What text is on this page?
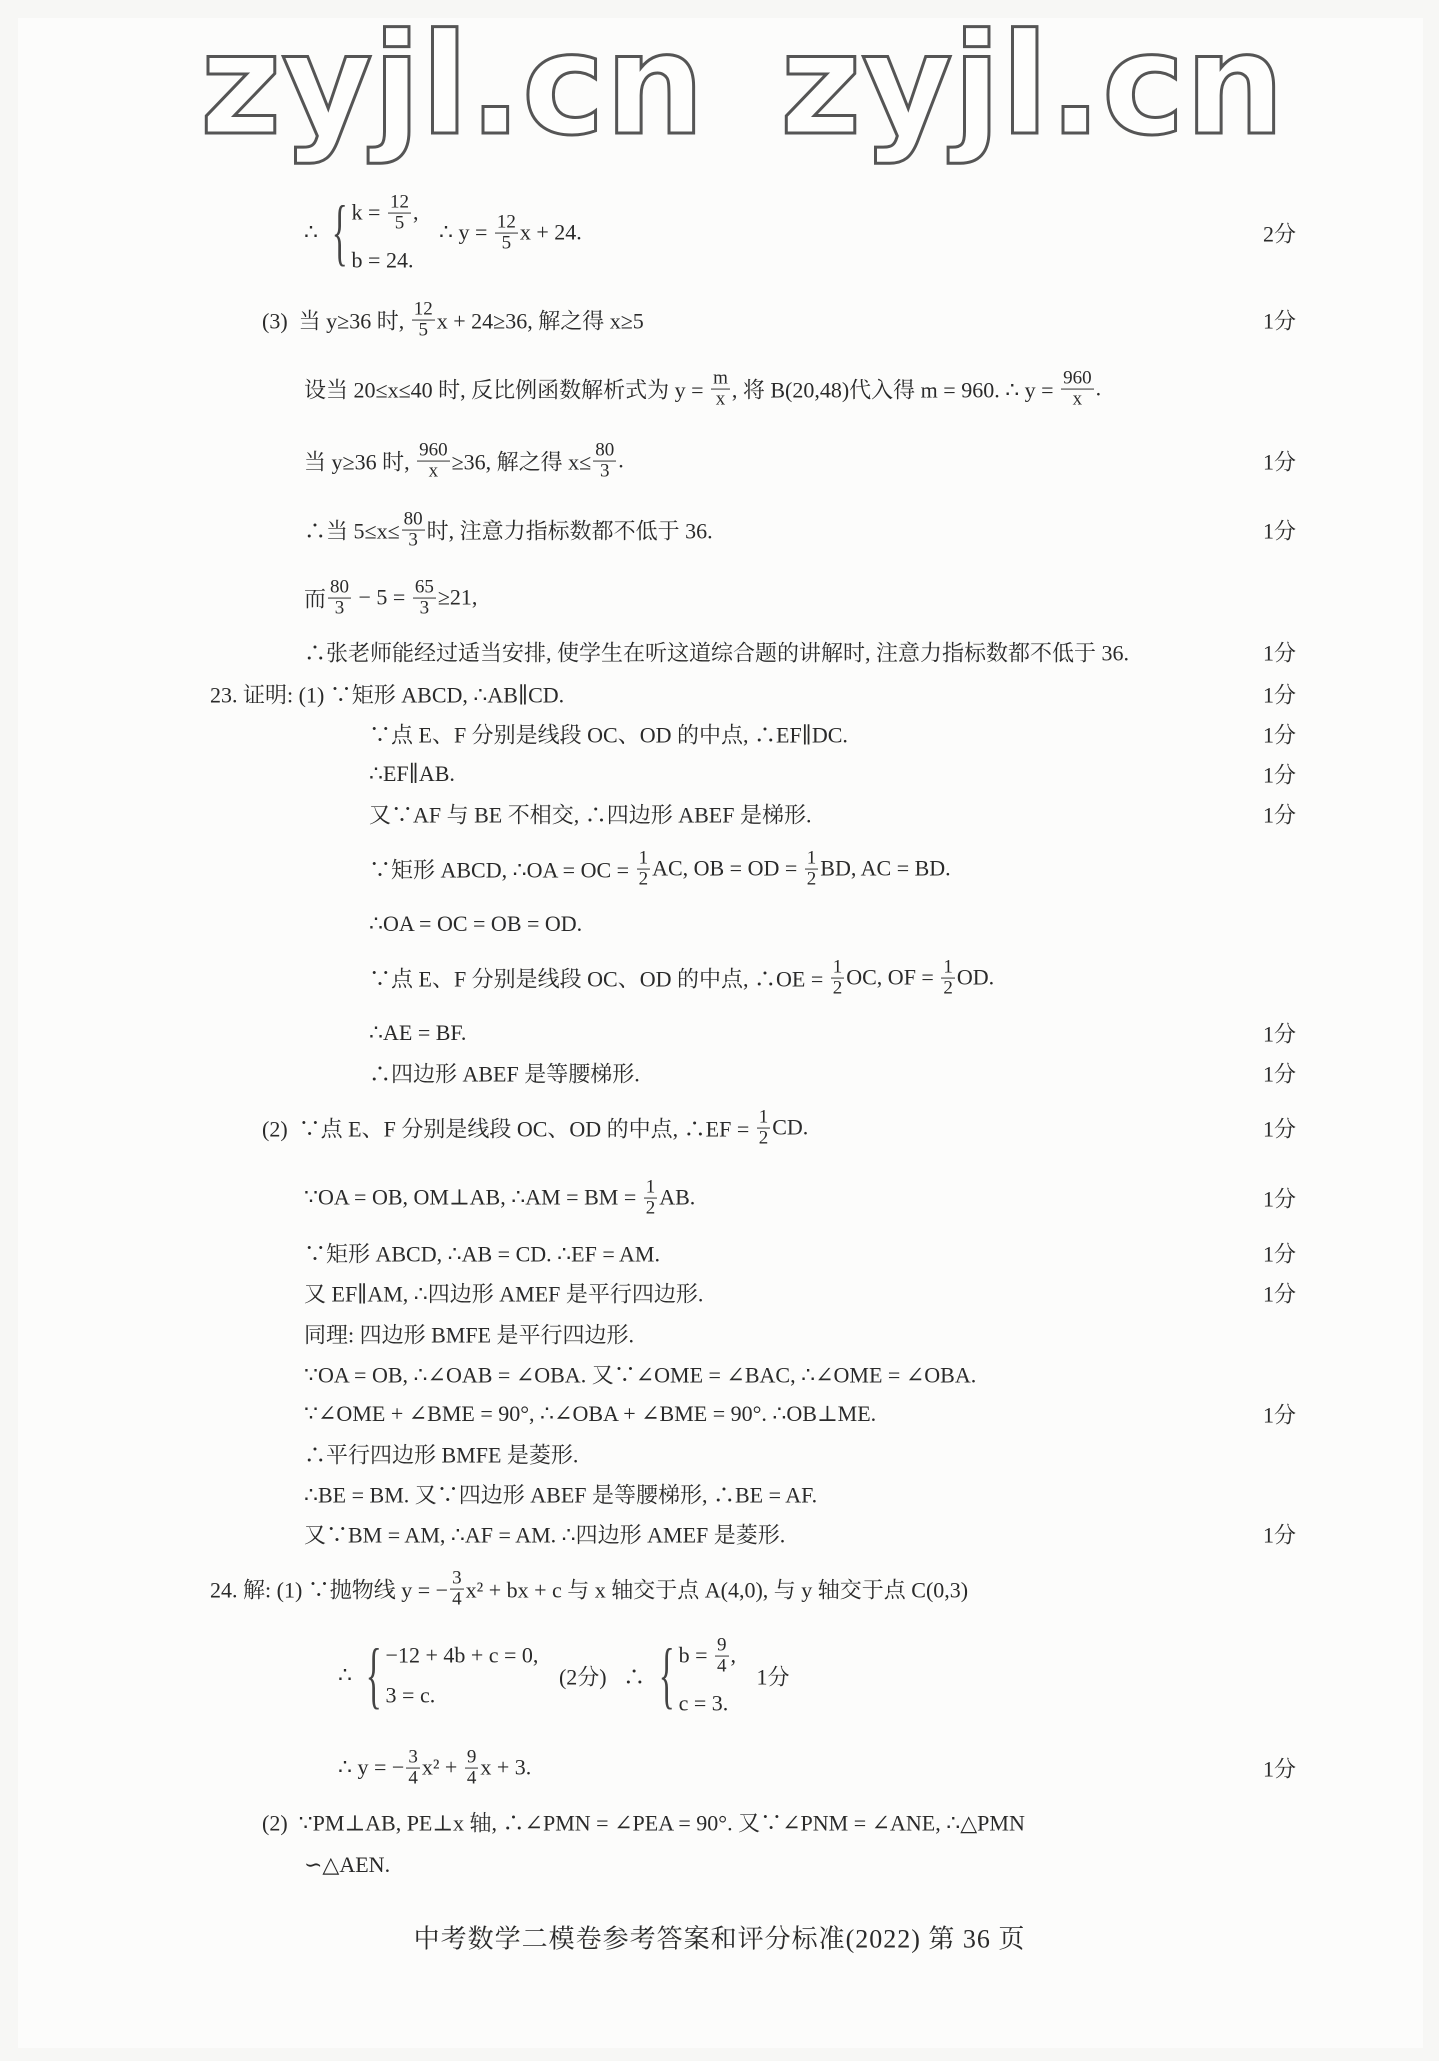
∴ { $k = \frac{12}{5}$ ,
b = 24.
∴ $y = \frac{12}{5}$ x + 24.	2分
(3)  当 y≥36 时, $\frac{12}{5}$ x + 24≥36, 解之得 x≥5	1分
设当 20≤x≤40 时, 反比例函数解析式为 $y = \frac{m}{x}$ , 将 B(20,48)代入得 m = 960. ∴ $y = \frac{960}{x}$ .
当 y≥36 时, $\frac{960}{x} \ge 36$, 解之得 $x\le \frac{80}{3}$ .	1分
∴当 $5\le x\le \frac{80}{3}$ 时, 注意力指标数都不低于 36.	1分
而 $\frac{80}{3} - 5 = \frac{65}{3} \ge 21$,
∴张老师能经过适当安排, 使学生在听这道综合题的讲解时, 注意力指标数都不低于 36.	1分
23. 证明: (1) ∵矩形 ABCD, ∴AB∥CD.	1分
∵点 E、F 分别是线段 OC、OD 的中点, ∴EF∥DC.	1分
∴EF∥AB.	1分
又∵AF 与 BE 不相交, ∴四边形 ABEF 是梯形.	1分
∵矩形 ABCD, ∴OA = OC = $\frac{1}{2}$ AC, OB = OD = $\frac{1}{2}$ BD, AC = BD.
∴OA = OC = OB = OD.
∵点 E、F 分别是线段 OC、OD 的中点, ∴OE = $\frac{1}{2}$ OC, OF = $\frac{1}{2}$ OD.
∴AE = BF.	1分
∴四边形 ABEF 是等腰梯形.	1分
(2)  ∵点 E、F 分别是线段 OC、OD 的中点, ∴EF = $\frac{1}{2}$ CD.	1分
∵OA = OB, OM⊥AB, ∴AM = BM = $\frac{1}{2}$ AB.	1分
∵矩形 ABCD, ∴AB = CD. ∴EF = AM.	1分
又 EF∥AM, ∴四边形 AMEF 是平行四边形.	1分
同理: 四边形 BMFE 是平行四边形.
∵OA = OB, ∴∠OAB = ∠OBA. 又∵∠OME = ∠BAC, ∴∠OME = ∠OBA.
∵∠OME + ∠BME = 90°, ∴∠OBA + ∠BME = 90°. ∴OB⊥ME.	1分
∴平行四边形 BMFE 是菱形.
∴BE = BM. 又∵四边形 ABEF 是等腰梯形, ∴BE = AF.
又∵BM = AM, ∴AF = AM. ∴四边形 AMEF 是菱形.	1分
24. 解: (1) ∵抛物线 y = − $\frac{3}{4} x^2$ + bx + c 与 x 轴交于点 A(4,0), 与 y 轴交于点 C(0,3)
∴ { −12 + 4b + c = 0,
3 = c.
(2分)   ∴ { $b = \frac{9}{4}$ ,
c = 3.
1分
∴ y = − $\frac{3}{4} x^2 + \frac{9}{4}$ x + 3.	1分
(2)  ∵PM⊥AB, PE⊥x 轴, ∴∠PMN = ∠PEA = 90°. 又∵∠PNM = ∠ANE, ∴△PMN
∽△AEN.
中考数学二模卷参考答案和评分标准(2022) 第 36 页
zyjl.cn zyjl.cn
